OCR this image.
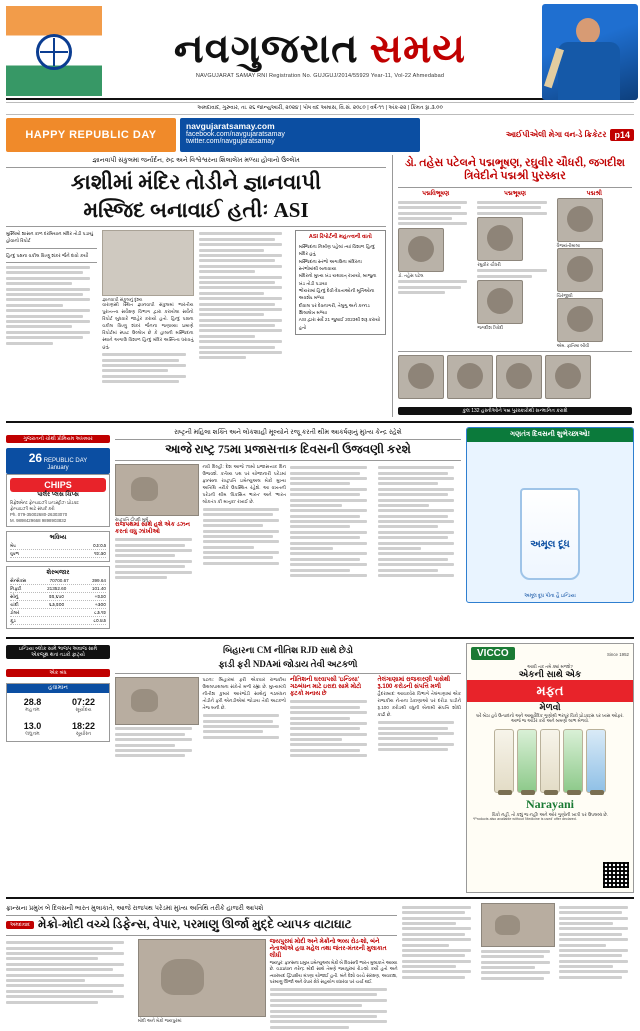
નવગુજરાત સમય
NAVGUJARAT SAMAY RNI Registration No. GUJGUJ/2014/55929 Year-11, Vol-22 Ahmedabad
અમદાવાદ, ગુરુવાર, તા. ૨૬ જાન્યુઆરી, ૨૦૨૪ | પોષ વદ અમાસ, વિ.સં. ૨૦૮૦ | વર્ષ-૧૧ | અંક-૨૨ | કિંમત રૂ।.૩.૦૦
HAPPY REPUBLIC DAY
navgujaratsamay.com
facebook.com/navgujaratsamay
twitter.com/navgujaratsamay
આઈપીએલી મેગા વન-ડે ક્રિકેટર p14
જ્ઞાનવાપી સંકુલમાં જર્નાર્દન, રુદ્ર અને વિશ્વેશ્વરના શિલાલેખ મળ્યા હોવાનો ઉલ્લેખ
કાશીમાં મંદિર તોડીને જ્ઞાનવાપી
મસ્જિદ બનાવાઈ હતીઃ ASI
મુસ્લિમો શાસન કાળ દરમિયાન મંદિર તોડી પડાયું હોવાનો રિપોર્ટ
હિન્દુ પક્ષના વકીલ વિષ્ણુ શંકર જૈને દાવો કર્યો
જ્ઞાનવાપી સંકુલનું દૃશ્ય
વારાણસી સ્થિત જ્ઞાનવાપી સંકુલમાં ભારતીય પુરાતત્ત્વ સર્વેક્ષણ વિભાગ દ્વારા કરાયેલા સર્વેનો રિપોર્ટ બુધવારે જાહેર કરાયો હતો. હિન્દુ પક્ષના વકીલ વિષ્ણુ શંકર જૈનના જણાવ્યા પ્રમાણે રિપોર્ટમાં સ્પષ્ટ ઉલ્લેખ છે કે હાલની મસ્જિદના સ્થાને અગાઉ વિશાળ હિન્દુ મંદિર અસ્તિત્વ ધરાવતું હતું.
ASI રિપોર્ટની મહત્ત્વની વાતો
મસ્જિદના નિર્માણ પહેલાં ત્યાં વિશાળ હિન્દુ મંદિર હતું
મસ્જિદના સ્તંભો અગાઉના મંદિરના સ્તંભોમાંથી બનાવાયા
મંદિરનો મુખ્ય ખંડ યથાવત્ રખાયો, બાજુના ખંડ તોડી પડાયા
ભોંયરામાં હિન્દુ દેવી-દેવતાઓની મૂર્તિઓના અવશેષ મળ્યા
દીવાલ પર દેવનાગરી, તેલુગુ અને કન્નડ શિલાલેખ મળ્યા
ASI દ્વારા સર્વે 21 જુલાઈ 2023થી શરૂ કરાયો હતો
ડો. તહેસ પટેલને પદ્મભૂષણ, રઘુવીર ચૌધરી, જગદીશ ત્રિવેદીને પદ્મશ્રી પુરસ્કાર
પદ્મવિભૂષણ
ડો. તહેસ પટેલ
પદ્મભૂષણ
રઘુવીર ચૌધરી
જગદીશ ત્રિવેદી
પદ્મશ્રી
વૈજયંતીમાલા
ચિરંજીવી
એમ. ફાતિમા બીવી
કુલ 132 હસ્તીઓને પદ્મ પુરસ્કારોથી સન્માનિત કરાશે
ગુજરાતની ચોથી પ્રીમિયમ અખબાર
26 REPUBLIC DAY
January
CHIPS
પાર્લર પ્લસ ચિપ્સ
રિફ્રેશમેન્ટ ફ્રેન્ચાઇઝી ઇન્ડસ્ટ્રીઝ પ્રોડક્ટ
ફ્રેન્ચાઇઝી માટે સંપર્ક કરો
Ph. 079-35002680-26303070
M. 9898429668 9898903832
ભવિષ્ય
મેષ	૦૭:૦૩
વૃષભ	૧૨:૩૦
શેરબજાર
સેન્સેક્સ	70700.67	399.64
નિફ્ટી	21352.60	101.40
સોનું	૨૨,૬૫૦	+૨૭૦
ચાંદી	૬૩,૨૦૦	+૩૦૦
ડોલર	૮૩.૧૨
ક્રૂડ	૮૦.૪૩
રાષ્ટ્રની મહિલા શક્તિ અને લોકશાહી મૂલ્યોને રજૂ કરતી થીમ આકર્ષણનું મુખ્ય કેન્દ્ર રહેશે
આજે રાષ્ટ્ર 75મા પ્રજાસત્તાક દિવસની ઉજવણી કરશે
રાષ્ટ્રપતિ દ્રૌપદી મુર્મૂ
રાજપથમાં સાથે હશે એક ડઝન કરતાં વધુ ઝાંખીઓ
નવી દિલ્હીઃ દેશ આજે 75મો પ્રજાસત્તાક દિન ઉજવશે. કર્તવ્ય પથ પર યોજાનારી પરેડમાં ફ્રાન્સના રાષ્ટ્રપતિ ઇમેન્યુઅલ મેક્રોં મુખ્ય અતિથિ તરીકે ઉપસ્થિત રહેશે. આ વખતની પરેડની થીમ 'વિકસિત ભારત' અને 'ભારત લોકતંત્ર કી માતૃકા' રખાઈ છે.
ગણતંત્ર દિવસની શુભેચ્છાઓ!
અમૂલ દૂધ
અમૂલ દૂધ પીતા હૈ ઇન્ડિયા
ઇન્ડિયા બ્લોક સામે ભાજપ અવાજ સામે એકજૂથ થતાં તડકો ફાટ્યો એક બંધ
હવામાન
28.8
મહત્તમ
07:22
સૂર્યોદય
13.0
લઘુત્તમ
18:22
સૂર્યાસ્ત
બિહારના CM નીતિશ RJD સાથે છેડો
ફાડી ફરી NDAમાં જોડાય તેવી અટકળો
પટનાઃ બિહારમાં ફરી એકવાર રાજકીય ઉથલપાથલના સંકેતો મળી રહ્યા છે. મુખ્યમંત્રી નીતીશ કુમાર આરજેડી સાથેનું ગઠબંધન તોડીને ફરી એનડીએમાં જોડાય તેવી અટકળો તેજ બની છે.
નીતિશની ઘરવાપસી 'ઇન્ડિયા' ગઠબંધન માટે ઇરાદા સામે મોટો ફટકો મનાય છે
તેલંગાણામાં રાજકારણી પાસેથી રૂ.100 કરોડની સંપત્તિ મળી
હૈદરાબાદઃ આવકવેરા વિભાગે તેલંગાણામાં એક રાજકીય નેતાના ઠેકાણાઓ પર દરોડા પાડીને રૂ.100 કરોડથી વધુની બેનામી સંપત્તિ શોધી કાઢી છે.
VICCO	Since 1952
આવી તક તમે ક્યાં મળશે?
એકની સાથે એક
મફત
મેળવો
ઘરે બેઠા હવે ઉત્પાદનો અને આયુર્વેદિક ગુણોથી ભરપૂર વિકો પ્રોડક્ટ્સ પર ખાસ ઓફર. આજે જ ઓર્ડર કરો અને બમણો લાભ મેળવો.
Narayani
વિકો નહીં, તો કશું જ નહીં! અને ઓર ગુણોની ખાત્રી પર ઉપલબ્ધ છે.
*Products also available without 'Medicine is used' offer declared.
ફ્રાન્સના પ્રમુખ બે દિવસની ભારત મુલાકાતે, આજે રાજપથ પરેડમાં મુખ્ય અતિથિ તરીકે હાજરી આપશે
અમદાવાદ મેક્રો-મોદી વચ્ચે ડિફેન્સ, વેપાર, પરમાણુ ઊર્જા મુદ્દે વ્યાપક વાટાઘાટ
મોદી અને મેક્રોં જયપુરમાં
જયપુરમાં મોદી અને મેક્રોંનો ભવ્ય રોડ-શો, બંને નેતાઓએ હવા મહેલ તથા જંતર-મંતરની મુલાકાત લીધી
જયપુરઃ ફ્રાન્સના પ્રમુખ ઇમેન્યુઅલ મેક્રોં બે દિવસની ભારત મુલાકાતે આવ્યા છે. વડાપ્રધાન નરેન્દ્ર મોદી સાથે તેમણે જયપુરમાં રોડ-શો કર્યો હતો અને ત્યારબાદ દ્વિપક્ષીય મંત્રણા યોજાઈ હતી. બંને દેશો વચ્ચે સંરક્ષણ, અવકાશ, પરમાણુ ઊર્જા અને વેપાર ક્ષેત્રે સહયોગ વધારવા પર ચર્ચા થઈ.
